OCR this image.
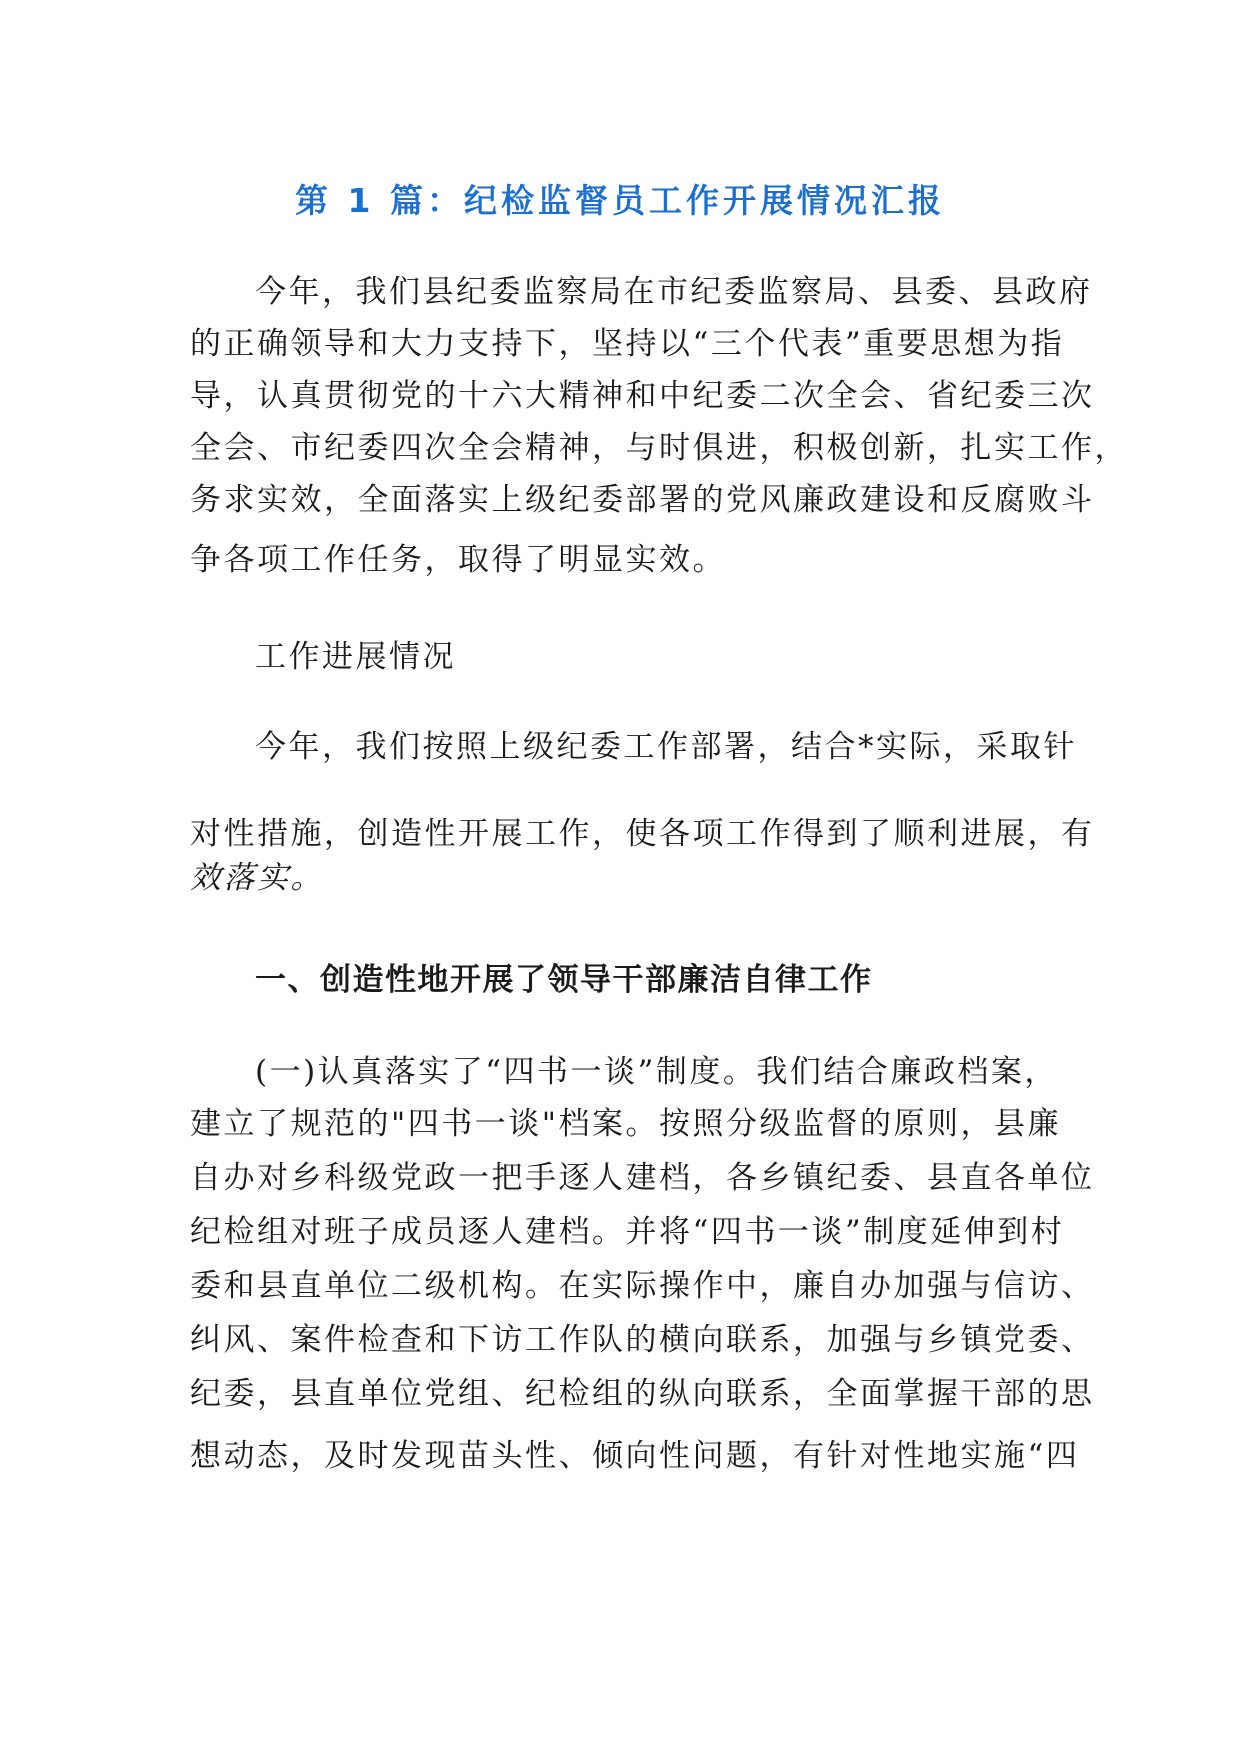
第 1 篇：纪检监督员工作开展情况汇报
今年，我们县纪委监察局在市纪委监察局、县委、县政府
的正确领导和大力支持下，坚持以“三个代表”重要思想为指
导，认真贯彻党的十六大精神和中纪委二次全会、省纪委三次
全会、市纪委四次全会精神，与时俱进，积极创新，扎实工作，
务求实效，全面落实上级纪委部署的党风廉政建设和反腐败斗
争各项工作任务，取得了明显实效。
工作进展情况
今年，我们按照上级纪委工作部署，结合*实际，采取针
对性措施，创造性开展工作，使各项工作得到了顺利进展，有
效落实。
一、创造性地开展了领导干部廉洁自律工作
(一)认真落实了“四书一谈”制度。我们结合廉政档案，
建立了规范的"四书一谈"档案。按照分级监督的原则，县廉
自办对乡科级党政一把手逐人建档，各乡镇纪委、县直各单位
纪检组对班子成员逐人建档。并将“四书一谈”制度延伸到村
委和县直单位二级机构。在实际操作中，廉自办加强与信访、
纠风、案件检查和下访工作队的横向联系，加强与乡镇党委、
纪委，县直单位党组、纪检组的纵向联系，全面掌握干部的思
想动态，及时发现苗头性、倾向性问题，有针对性地实施“四
